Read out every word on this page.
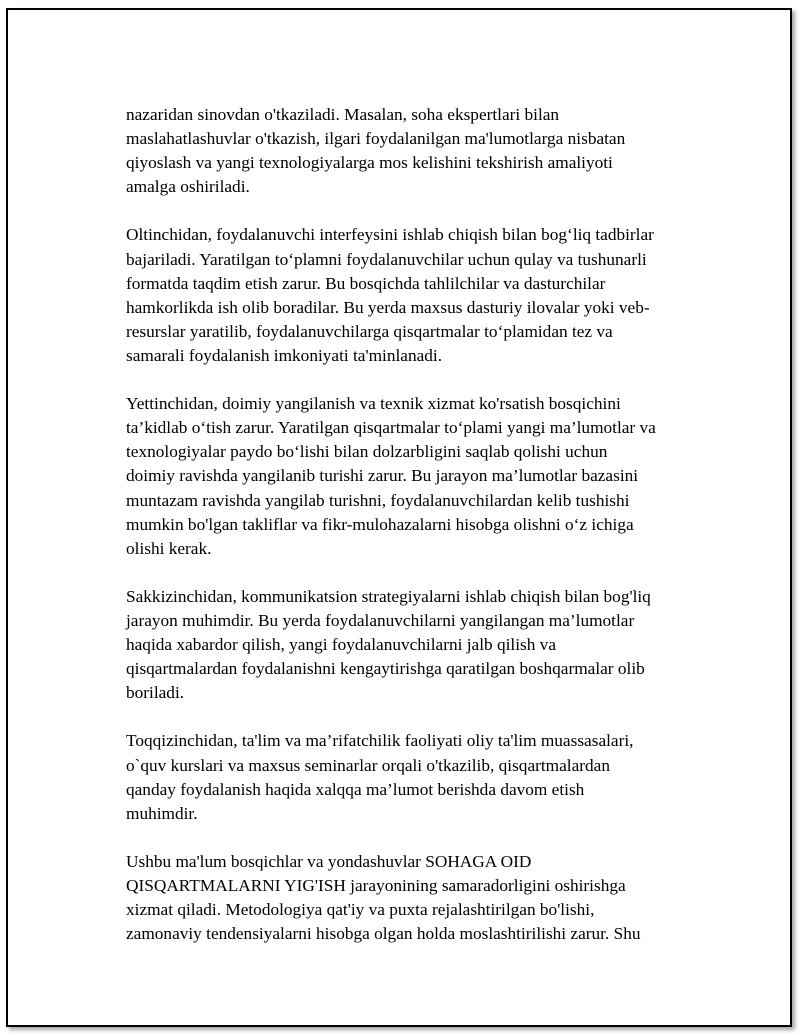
nazaridan sinovdan o'tkaziladi. Masalan, soha ekspertlari bilan
maslahatlashuvlar o'tkazish, ilgari foydalanilgan ma'lumotlarga nisbatan
qiyoslash va yangi texnologiyalarga mos kelishini tekshirish amaliyoti
amalga oshiriladi.

Oltinchidan, foydalanuvchi interfeysini ishlab chiqish bilan bog‘liq tadbirlar
bajariladi. Yaratilgan to‘plamni foydalanuvchilar uchun qulay va tushunarli
formatda taqdim etish zarur. Bu bosqichda tahlilchilar va dasturchilar
hamkorlikda ish olib boradilar. Bu yerda maxsus dasturiy ilovalar yoki veb-
resurslar yaratilib, foydalanuvchilarga qisqartmalar to‘plamidan tez va
samarali foydalanish imkoniyati ta'minlanadi.

Yettinchidan, doimiy yangilanish va texnik xizmat ko'rsatish bosqichini
ta’kidlab o‘tish zarur. Yaratilgan qisqartmalar to‘plami yangi ma’lumotlar va
texnologiyalar paydo bo‘lishi bilan dolzarbligini saqlab qolishi uchun
doimiy ravishda yangilanib turishi zarur. Bu jarayon ma’lumotlar bazasini
muntazam ravishda yangilab turishni, foydalanuvchilardan kelib tushishi
mumkin bo'lgan takliflar va fikr-mulohazalarni hisobga olishni o‘z ichiga
olishi kerak.

Sakkizinchidan, kommunikatsion strategiyalarni ishlab chiqish bilan bog'liq
jarayon muhimdir. Bu yerda foydalanuvchilarni yangilangan ma’lumotlar
haqida xabardor qilish, yangi foydalanuvchilarni jalb qilish va
qisqartmalardan foydalanishni kengaytirishga qaratilgan boshqarmalar olib
boriladi.

Toqqizinchidan, ta'lim va ma’rifatchilik faoliyati oliy ta'lim muassasalari,
o`quv kurslari va maxsus seminarlar orqali o'tkazilib, qisqartmalardan
qanday foydalanish haqida xalqqa ma’lumot berishda davom etish
muhimdir.

Ushbu ma'lum bosqichlar va yondashuvlar SOHAGA OID
QISQARTMALARNI YIG'ISH jarayonining samaradorligini oshirishga
xizmat qiladi. Metodologiya qat'iy va puxta rejalashtirilgan bo'lishi,
zamonaviy tendensiyalarni hisobga olgan holda moslashtirilishi zarur. Shu
